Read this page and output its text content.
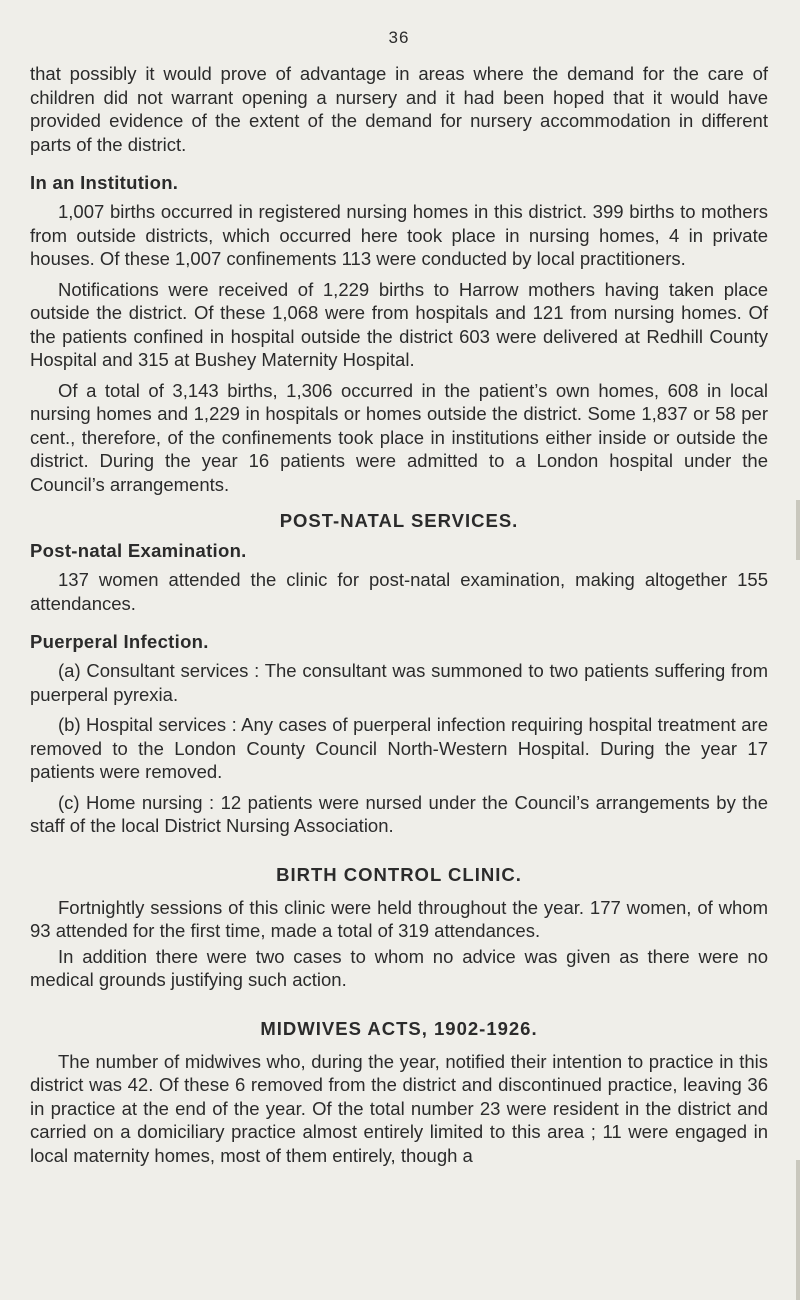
36

that possibly it would prove of advantage in areas where the demand for the care of children did not warrant opening a nursery and it had been hoped that it would have provided evidence of the extent of the demand for nursery accommodation in different parts of the district.

In an Institution.

1,007 births occurred in registered nursing homes in this district. 399 births to mothers from outside districts, which occurred here took place in nursing homes, 4 in private houses. Of these 1,007 confinements 113 were conducted by local practitioners.

Notifications were received of 1,229 births to Harrow mothers having taken place outside the district. Of these 1,068 were from hospitals and 121 from nursing homes. Of the patients confined in hospital outside the district 603 were delivered at Redhill County Hospital and 315 at Bushey Maternity Hospital.

Of a total of 3,143 births, 1,306 occurred in the patient’s own homes, 608 in local nursing homes and 1,229 in hospitals or homes outside the district. Some 1,837 or 58 per cent., therefore, of the confinements took place in institutions either inside or outside the district. During the year 16 patients were admitted to a London hospital under the Council’s arrangements.

POST-NATAL SERVICES.
Post-natal Examination.

137 women attended the clinic for post-natal examination, making altogether 155 attendances.

Puerperal Infection.

(a) Consultant services : The consultant was summoned to two patients suffering from puerperal pyrexia.

(b) Hospital services : Any cases of puerperal infection requiring hospital treatment are removed to the London County Council North-Western Hospital. During the year 17 patients were removed.

(c) Home nursing : 12 patients were nursed under the Council’s arrangements by the staff of the local District Nursing Association.

BIRTH CONTROL CLINIC.

Fortnightly sessions of this clinic were held throughout the year. 177 women, of whom 93 attended for the first time, made a total of 319 attendances.

In addition there were two cases to whom no advice was given as there were no medical grounds justifying such action.

MIDWIVES ACTS, 1902-1926.

The number of midwives who, during the year, notified their intention to practice in this district was 42. Of these 6 removed from the district and discontinued practice, leaving 36 in practice at the end of the year. Of the total number 23 were resident in the district and carried on a domiciliary practice almost entirely limited to this area ; 11 were engaged in local maternity homes, most of them entirely, though a
